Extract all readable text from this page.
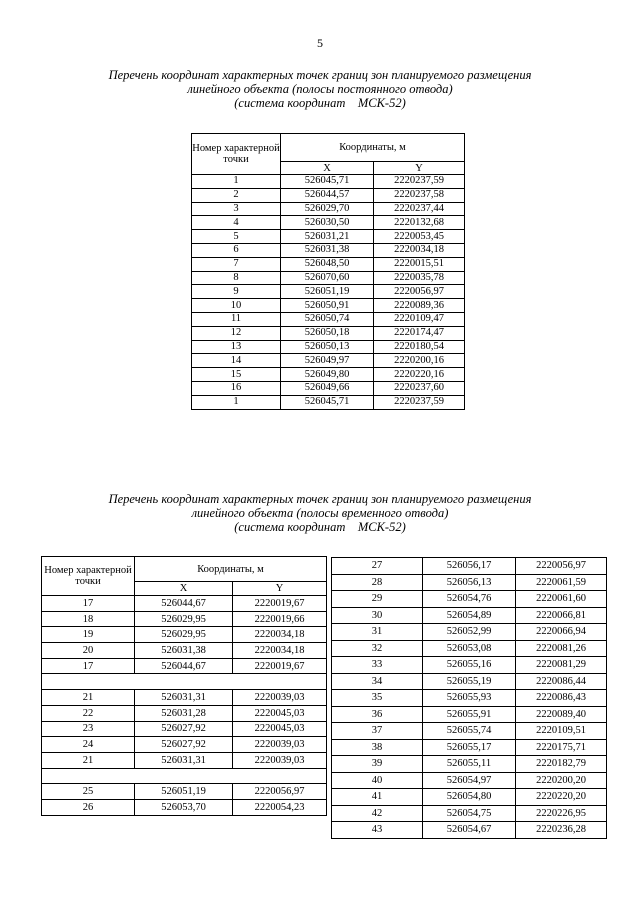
5
Перечень координат характерных точек границ зон планируемого размещения
линейного объекта (полосы постоянного отвода)
(система координат    МСК-52)
Номер характерной точки	Координаты, м	
	X	Y
1	526045,71	2220237,59
2	526044,57	2220237,58
3	526029,70	2220237,44
4	526030,50	2220132,68
5	526031,21	2220053,45
6	526031,38	2220034,18
7	526048,50	2220015,51
8	526070,60	2220035,78
9	526051,19	2220056,97
10	526050,91	2220089,36
11	526050,74	2220109,47
12	526050,18	2220174,47
13	526050,13	2220180,54
14	526049,97	2220200,16
15	526049,80	2220220,16
16	526049,66	2220237,60
1	526045,71	2220237,59
Перечень координат характерных точек границ зон планируемого размещения
линейного объекта (полосы временного отвода)
(система координат    МСК-52)
Номер характерной точки	Координаты, м	
	X	Y
17	526044,67	2220019,67
18	526029,95	2220019,66
19	526029,95	2220034,18
20	526031,38	2220034,18
17	526044,67	2220019,67

21	526031,31	2220039,03
22	526031,28	2220045,03
23	526027,92	2220045,03
24	526027,92	2220039,03
21	526031,31	2220039,03

25	526051,19	2220056,97
26	526053,70	2220054,23
27	526056,17	2220056,97
28	526056,13	2220061,59
29	526054,76	2220061,60
30	526054,89	2220066,81
31	526052,99	2220066,94
32	526053,08	2220081,26
33	526055,16	2220081,29
34	526055,19	2220086,44
35	526055,93	2220086,43
36	526055,91	2220089,40
37	526055,74	2220109,51
38	526055,17	2220175,71
39	526055,11	2220182,79
40	526054,97	2220200,20
41	526054,80	2220220,20
42	526054,75	2220226,95
43	526054,67	2220236,28
